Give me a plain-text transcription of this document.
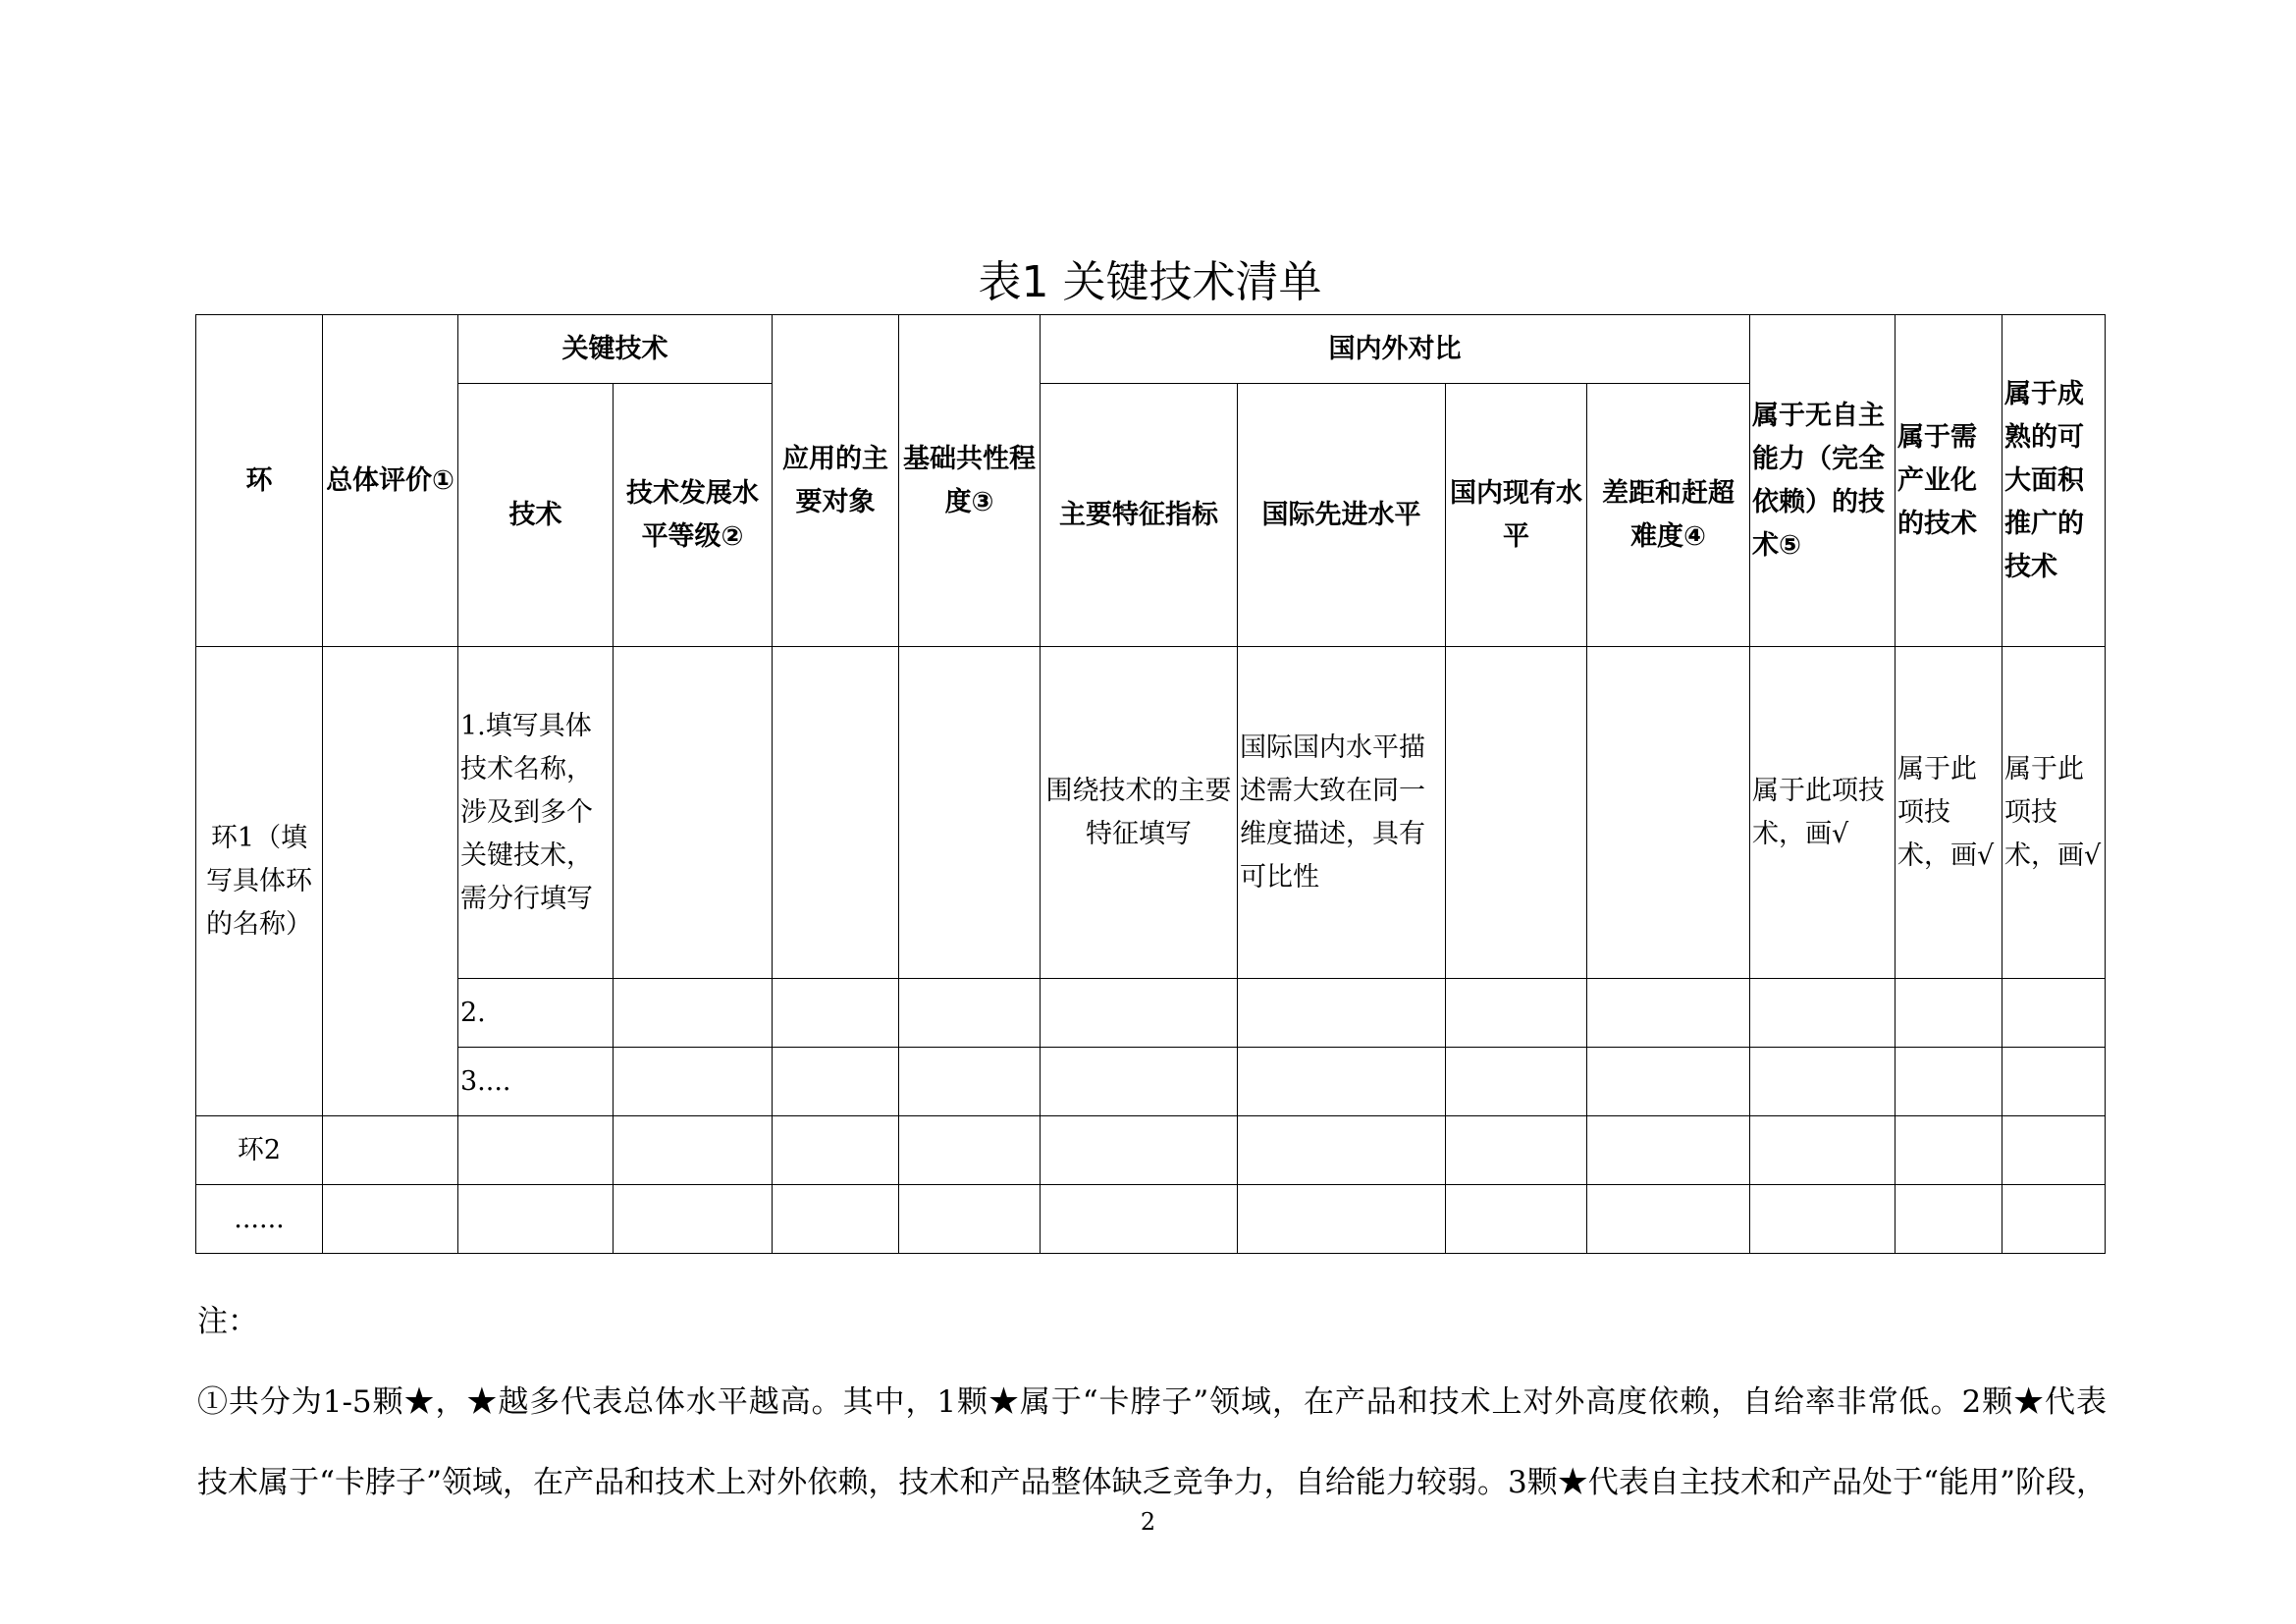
表1 关键技术清单
环	总体评价①	关键技术		应用的主要对象	基础共性程度③	国内外对比				属于无自主能力（完全依赖）的技术⑤	属于需产业化的技术	属于成熟的可大面积推广的技术
		技术	技术发展水平等级②			主要特征指标	国际先进水平	国内现有水平	差距和赶超难度④			
环1（填写具体环的名称）		1.填写具体技术名称，涉及到多个关键技术，需分行填写				围绕技术的主要特征填写	国际国内水平描述需大致在同一维度描述，具有可比性			属于此项技术，画√	属于此项技术，画√	属于此项技术，画√
		2.										
		3....										
环2												
......												

注：

①共分为1-5颗★，★越多代表总体水平越高。其中，1颗★属于“卡脖子”领域，在产品和技术上对外高度依赖，自给率非常低。2颗★代表

技术属于“卡脖子”领域，在产品和技术上对外依赖，技术和产品整体缺乏竞争力，自给能力较弱。3颗★代表自主技术和产品处于“能用”阶段，

2
